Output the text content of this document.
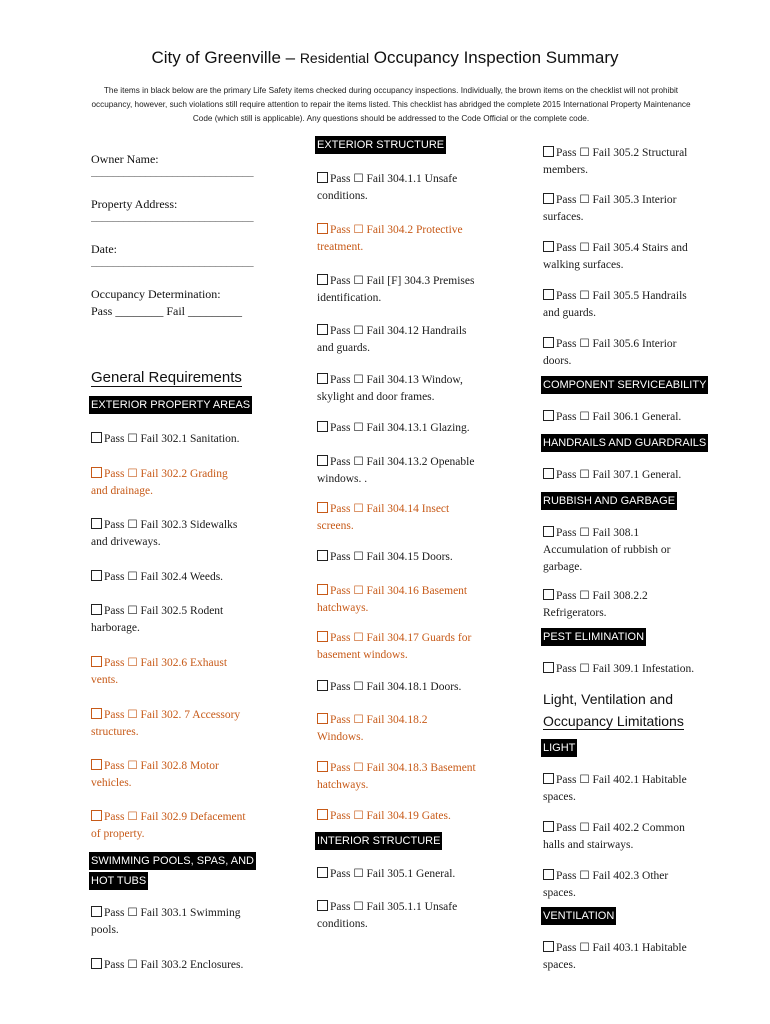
City of Greenville – Residential Occupancy Inspection Summary
The items in black below are the primary Life Safety items checked during occupancy inspections. Individually, the brown items on the checklist will not prohibit occupancy, however, such violations still require attention to repair the items listed. This checklist has abridged the complete 2015 International Property Maintenance Code (which still is applicable). Any questions should be addressed to the Code Official or the complete code.
Owner Name:
______________________________
Property Address:
______________________________
Date:
______________________________
Occupancy Determination:
Pass ________ Fail _________
General Requirements
EXTERIOR PROPERTY AREAS
Pass ☐ Fail 302.1 Sanitation.
Pass ☐ Fail 302.2 Grading
and drainage.
Pass ☐ Fail 302.3 Sidewalks
and driveways.
Pass ☐ Fail 302.4 Weeds.
Pass ☐ Fail 302.5 Rodent
harborage.
Pass ☐ Fail 302.6 Exhaust
vents.
Pass ☐ Fail 302. 7 Accessory
structures.
Pass ☐ Fail 302.8 Motor
vehicles.
Pass ☐ Fail 302.9 Defacement
of property.
SWIMMING POOLS, SPAS, AND
HOT TUBS
Pass ☐ Fail 303.1 Swimming
pools.
Pass ☐ Fail 303.2 Enclosures.
EXTERIOR STRUCTURE
Pass ☐ Fail 304.1.1 Unsafe
conditions.
Pass ☐ Fail 304.2 Protective
treatment.
Pass ☐ Fail [F] 304.3 Premises
identification.
Pass ☐ Fail 304.12 Handrails
and guards.
Pass ☐ Fail 304.13 Window,
skylight and door frames.
Pass ☐ Fail 304.13.1 Glazing.
Pass ☐ Fail 304.13.2 Openable
windows. .
Pass ☐ Fail 304.14 Insect
screens.
Pass ☐ Fail 304.15 Doors.
Pass ☐ Fail 304.16 Basement
hatchways.
Pass ☐ Fail 304.17 Guards for
basement windows.
Pass ☐ Fail 304.18.1 Doors.
Pass ☐ Fail 304.18.2
Windows.
Pass ☐ Fail 304.18.3 Basement
hatchways.
Pass ☐ Fail 304.19 Gates.
INTERIOR STRUCTURE
Pass ☐ Fail 305.1 General.
Pass ☐ Fail 305.1.1 Unsafe
conditions.
Pass ☐ Fail 305.2 Structural
members.
Pass ☐ Fail 305.3 Interior
surfaces.
Pass ☐ Fail 305.4 Stairs and
walking surfaces.
Pass ☐ Fail 305.5 Handrails
and guards.
Pass ☐ Fail 305.6 Interior
doors.
COMPONENT SERVICEABILITY
Pass ☐ Fail 306.1 General.
HANDRAILS AND GUARDRAILS
Pass ☐ Fail 307.1 General.
RUBBISH AND GARBAGE
Pass ☐ Fail 308.1
Accumulation of rubbish or
garbage.
Pass ☐ Fail 308.2.2
Refrigerators.
PEST ELIMINATION
Pass ☐ Fail 309.1 Infestation.
Light, Ventilation and
Occupancy Limitations
LIGHT
Pass ☐ Fail 402.1 Habitable
spaces.
Pass ☐ Fail 402.2 Common
halls and stairways.
Pass ☐ Fail 402.3 Other
spaces.
VENTILATION
Pass ☐ Fail 403.1 Habitable
spaces.
